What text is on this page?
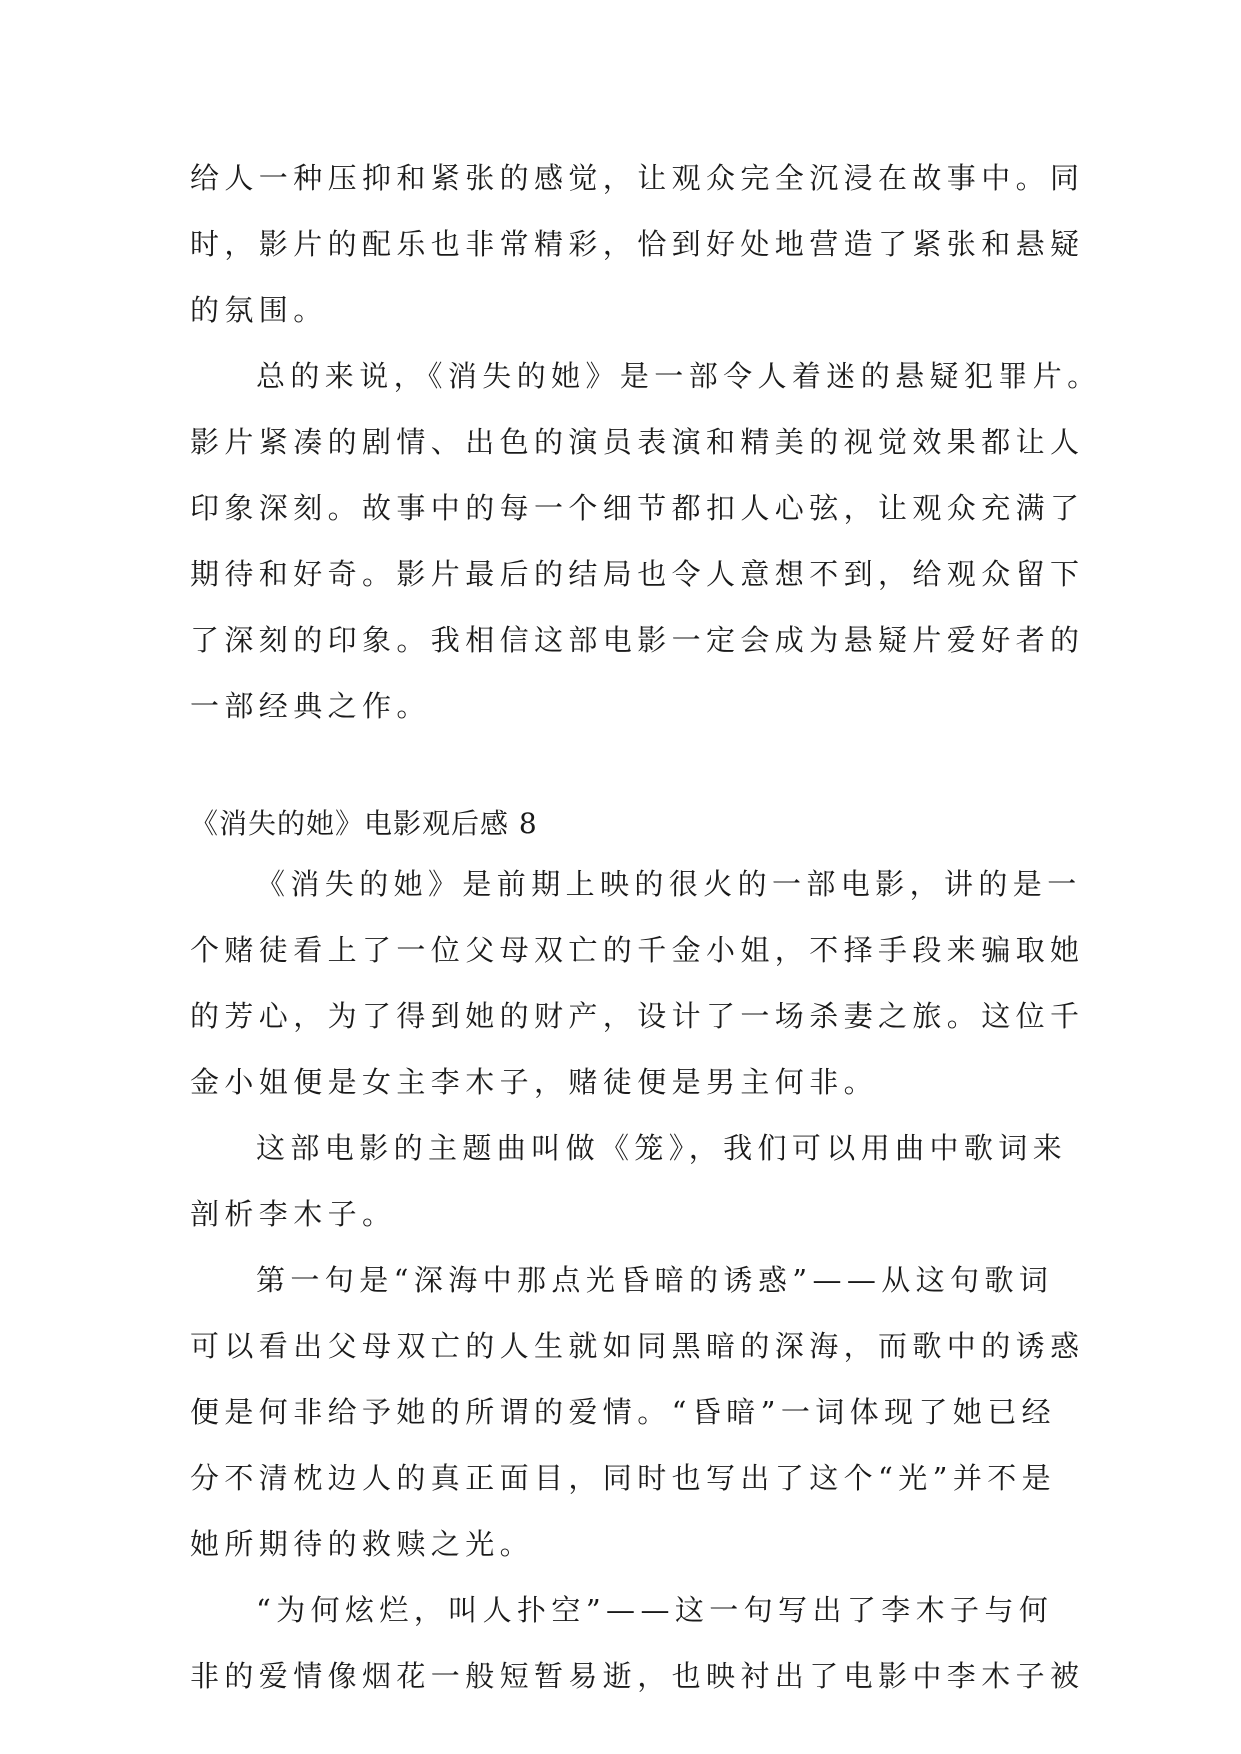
给人一种压抑和紧张的感觉，让观众完全沉浸在故事中。同
时，影片的配乐也非常精彩，恰到好处地营造了紧张和悬疑
的氛围。
总的来说，《消失的她》是一部令人着迷的悬疑犯罪片。
影片紧凑的剧情、出色的演员表演和精美的视觉效果都让人
印象深刻。故事中的每一个细节都扣人心弦，让观众充满了
期待和好奇。影片最后的结局也令人意想不到，给观众留下
了深刻的印象。我相信这部电影一定会成为悬疑片爱好者的
一部经典之作。
《消失的她》电影观后感 8
《消失的她》是前期上映的很火的一部电影，讲的是一
个赌徒看上了一位父母双亡的千金小姐，不择手段来骗取她
的芳心，为了得到她的财产，设计了一场杀妻之旅。这位千
金小姐便是女主李木子，赌徒便是男主何非。
这部电影的主题曲叫做《笼》，我们可以用曲中歌词来
剖析李木子。
第一句是“深海中那点光昏暗的诱惑”——从这句歌词
可以看出父母双亡的人生就如同黑暗的深海，而歌中的诱惑
便是何非给予她的所谓的爱情。“昏暗”一词体现了她已经
分不清枕边人的真正面目，同时也写出了这个“光”并不是
她所期待的救赎之光。
“为何炫烂，叫人扑空”——这一句写出了李木子与何
非的爱情像烟花一般短暂易逝，也映衬出了电影中李木子被
